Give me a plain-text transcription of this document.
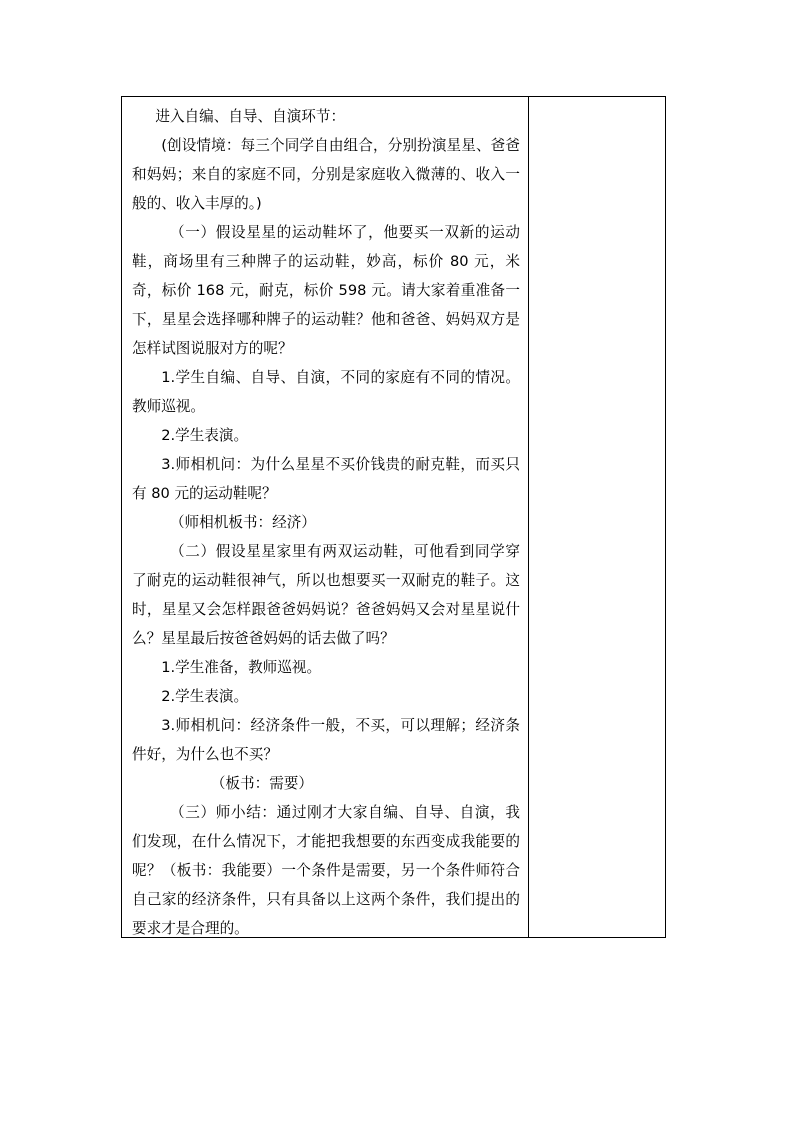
进入自编、自导、自演环节：

(创设情境：每三个同学自由组合，分别扮演星星、爸爸和妈妈；来自的家庭不同，分别是家庭收入微薄的、收入一般的、收入丰厚的。)

（一）假设星星的运动鞋坏了，他要买一双新的运动鞋，商场里有三种牌子的运动鞋，妙高，标价 80 元，米奇，标价 168 元，耐克，标价 598 元。请大家着重准备一下，星星会选择哪种牌子的运动鞋？他和爸爸、妈妈双方是怎样试图说服对方的呢？

1.学生自编、自导、自演，不同的家庭有不同的情况。教师巡视。

2.学生表演。

3.师相机问：为什么星星不买价钱贵的耐克鞋，而买只有 80 元的运动鞋呢？

（师相机板书：经济）

（二）假设星星家里有两双运动鞋，可他看到同学穿了耐克的运动鞋很神气，所以也想要买一双耐克的鞋子。这时，星星又会怎样跟爸爸妈妈说？爸爸妈妈又会对星星说什么？星星最后按爸爸妈妈的话去做了吗？

1.学生准备，教师巡视。

2.学生表演。

3.师相机问：经济条件一般，不买，可以理解；经济条件好，为什么也不买？

（板书：需要）

（三）师小结：通过刚才大家自编、自导、自演，我们发现，在什么情况下，才能把我想要的东西变成我能要的呢？（板书：我能要）一个条件是需要，另一个条件师符合自己家的经济条件，只有具备以上这两个条件，我们提出的要求才是合理的。
